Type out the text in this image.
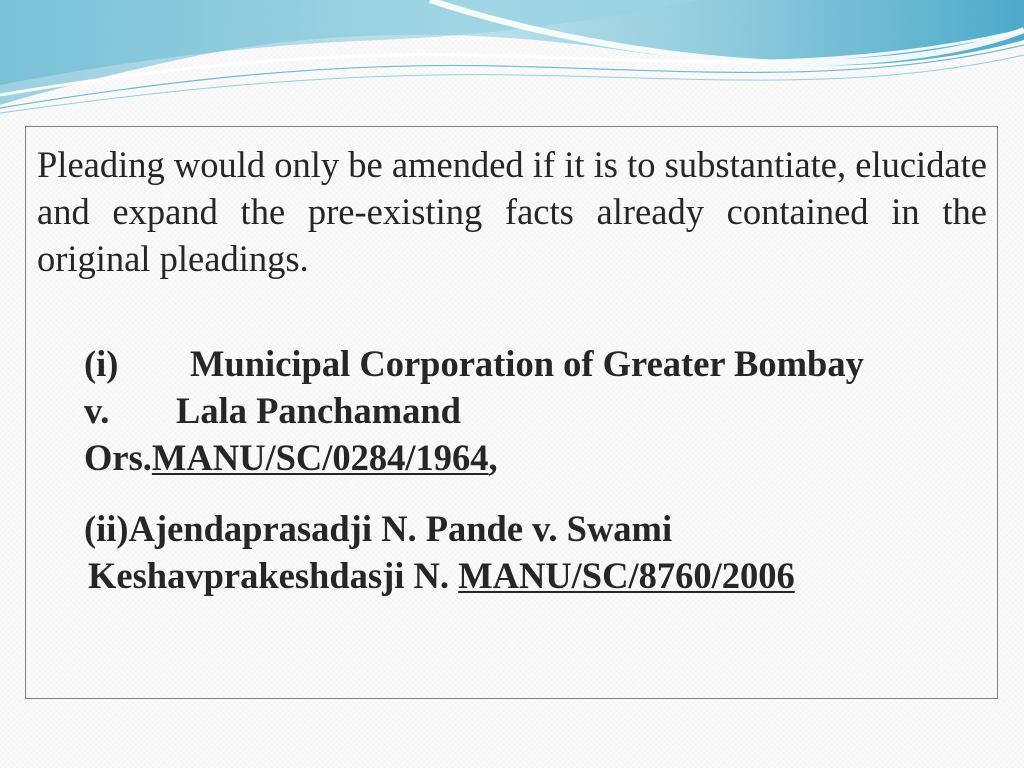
Pleading would only be amended if it is to substantiate, elucidate and expand the pre-existing facts already contained in the original pleadings.

(i) Municipal Corporation of Greater Bombay
v. Lala Panchamand
Ors.MANU/SC/0284/1964,
(ii)Ajendaprasadji N. Pande v. Swami
Keshavprakeshdasji N. MANU/SC/8760/2006
